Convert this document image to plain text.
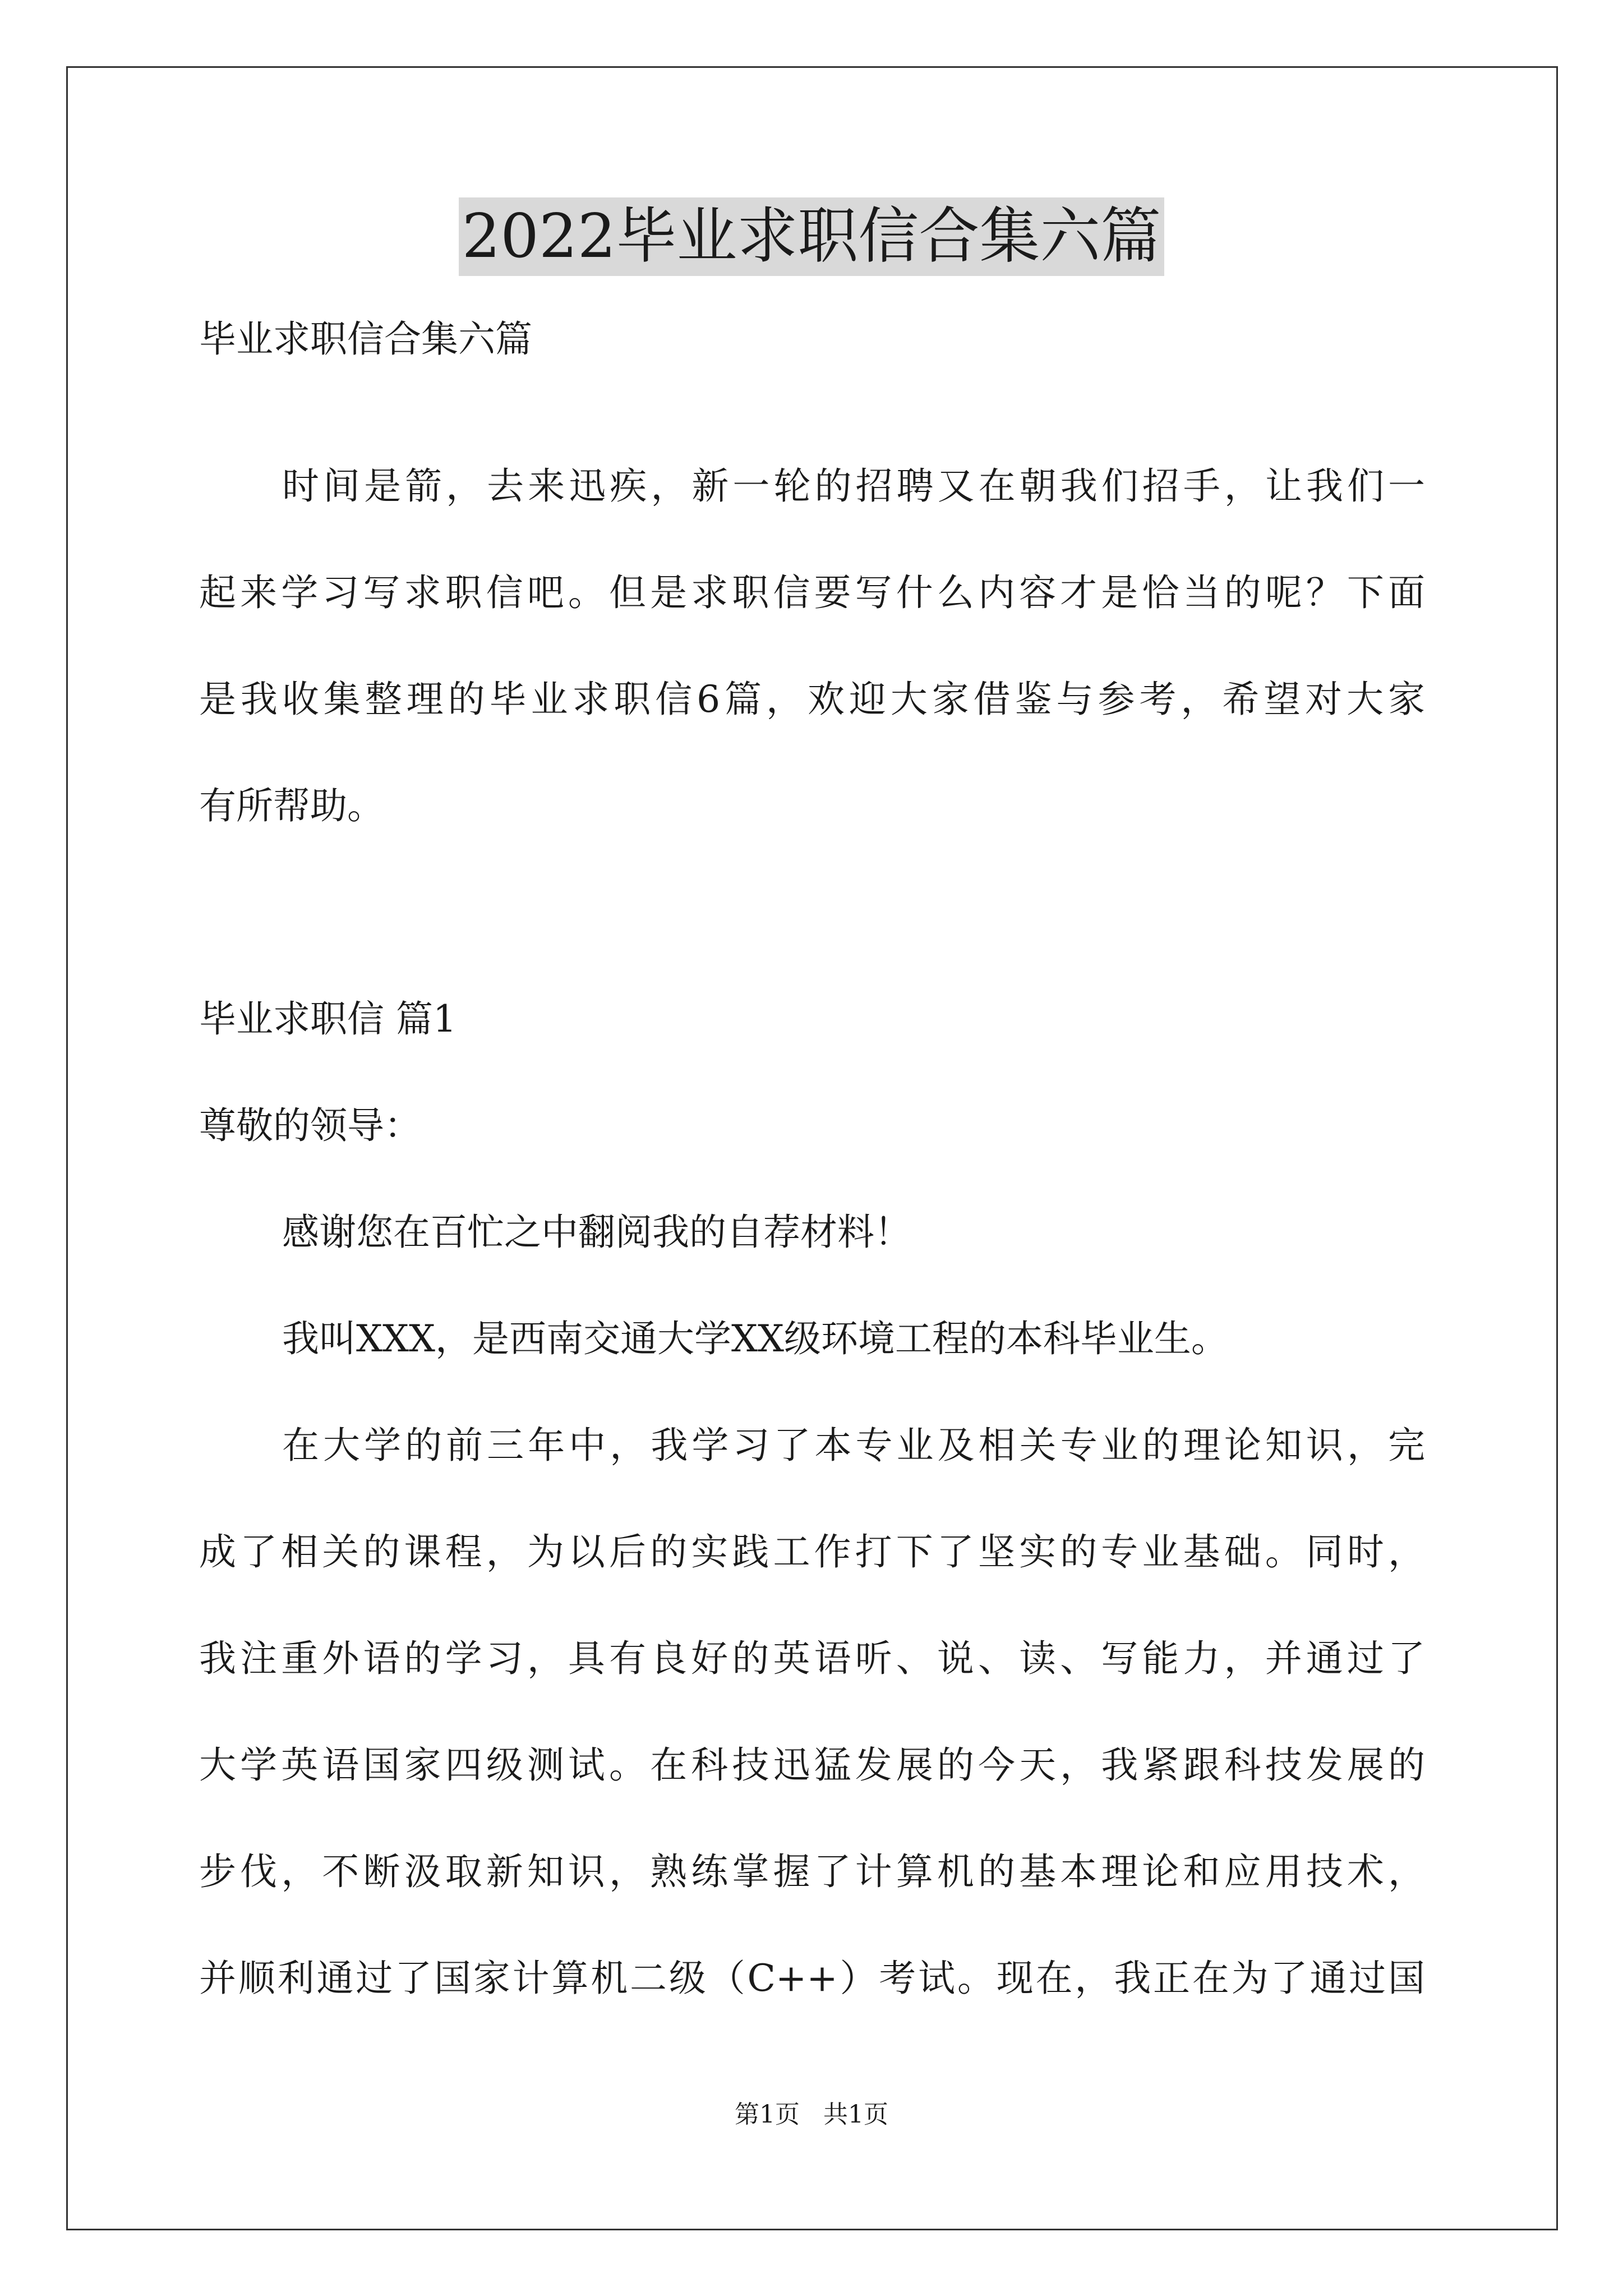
2022毕业求职信合集六篇
毕业求职信合集六篇
时间是箭，去来迅疾，新一轮的招聘又在朝我们招手，让我们一
起来学习写求职信吧。但是求职信要写什么内容才是恰当的呢？下面
是我收集整理的毕业求职信6篇，欢迎大家借鉴与参考，希望对大家
有所帮助。
毕业求职信 篇1
尊敬的领导：
感谢您在百忙之中翻阅我的自荐材料！
我叫XXX，是西南交通大学XX级环境工程的本科毕业生。
在大学的前三年中，我学习了本专业及相关专业的理论知识，完
成了相关的课程，为以后的实践工作打下了坚实的专业基础。同时，
我注重外语的学习，具有良好的英语听、说、读、写能力，并通过了
大学英语国家四级测试。在科技迅猛发展的今天，我紧跟科技发展的
步伐，不断汲取新知识，熟练掌握了计算机的基本理论和应用技术，
并顺利通过了国家计算机二级（C++）考试。现在，我正在为了通过国
第1页 共1页
